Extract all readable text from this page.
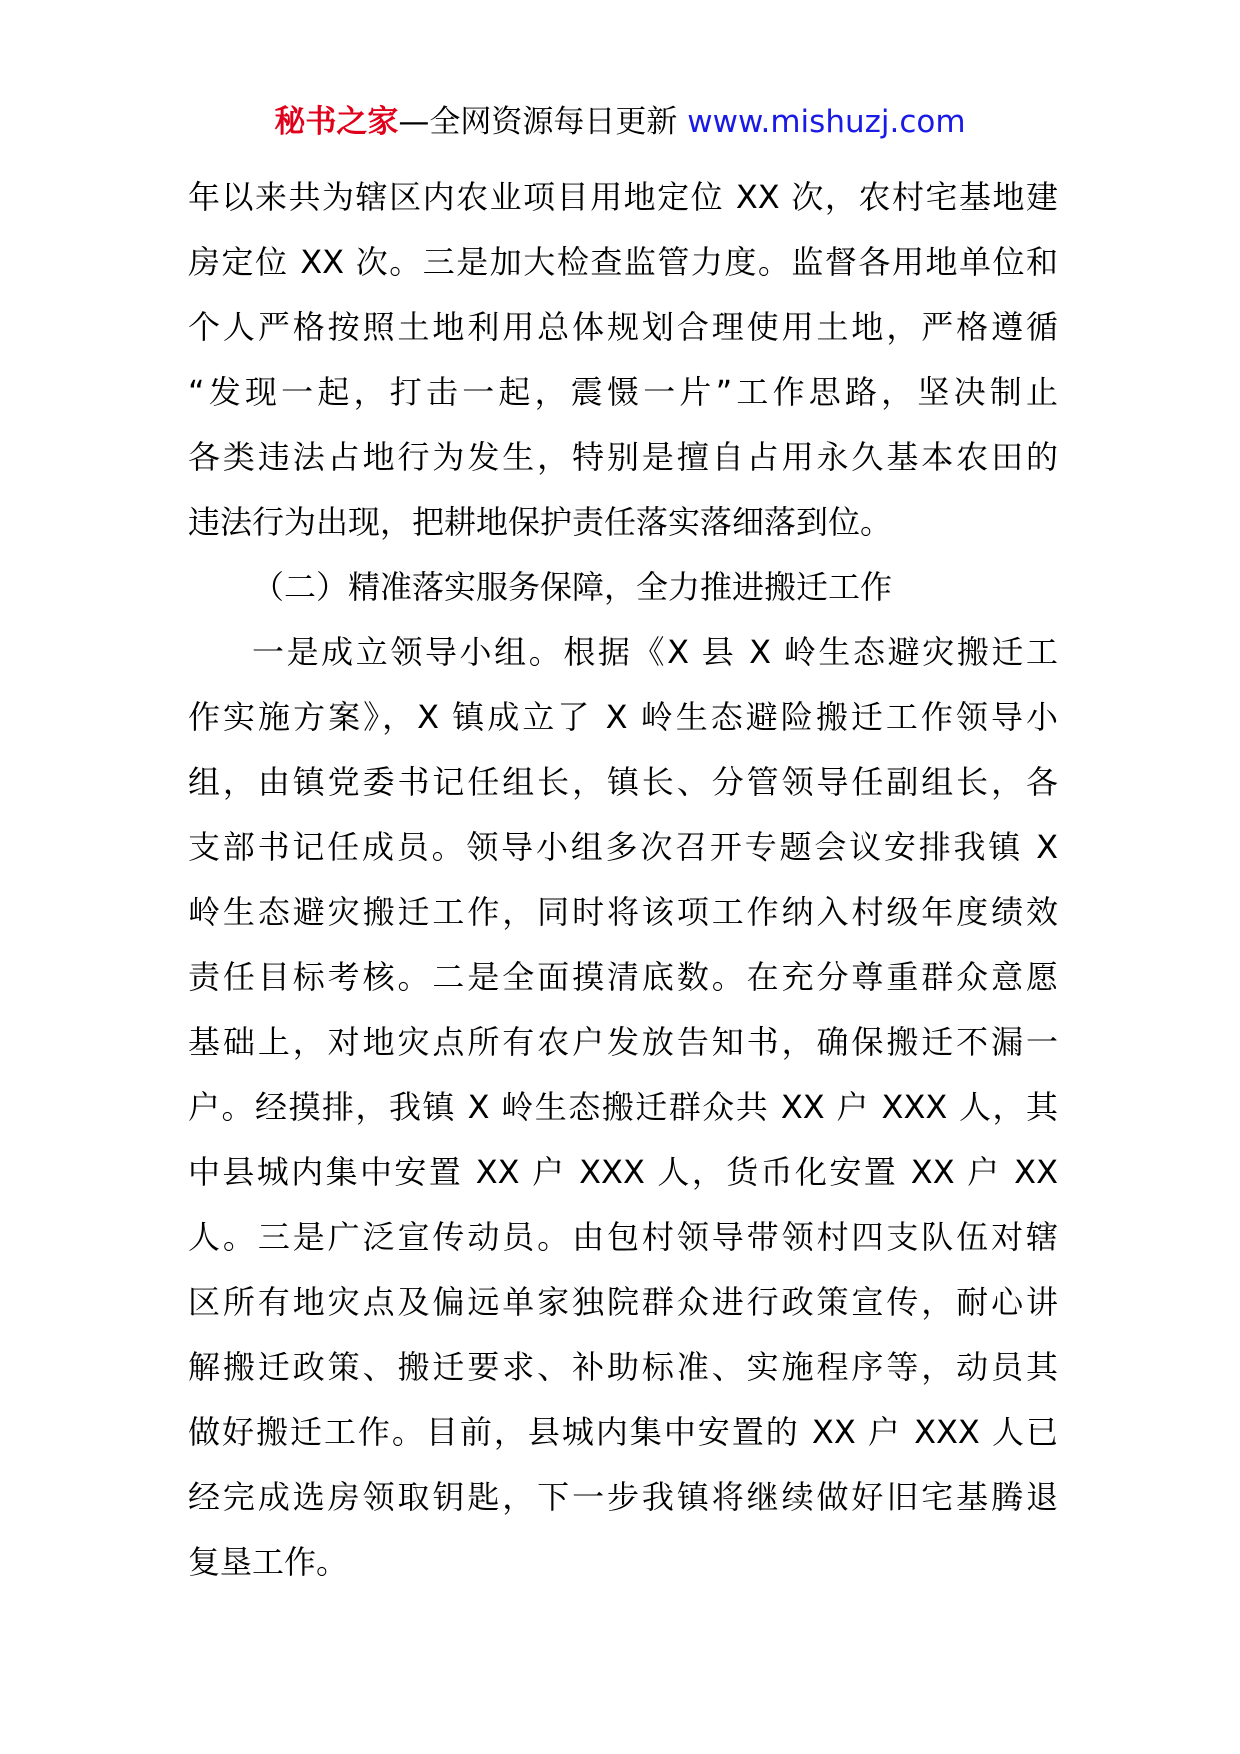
秘书之家—全网资源每日更新 www.mishuzj.com
年以来共为辖区内农业项目用地定位 XX 次，农村宅基地建
房定位 XX 次。三是加大检查监管力度。监督各用地单位和
个人严格按照土地利用总体规划合理使用土地，严格遵循
“发现一起，打击一起，震慑一片”工作思路，坚决制止
各类违法占地行为发生，特别是擅自占用永久基本农田的
违法行为出现，把耕地保护责任落实落细落到位。
（二）精准落实服务保障，全力推进搬迁工作
一是成立领导小组。根据《X 县 X 岭生态避灾搬迁工
作实施方案》，X 镇成立了 X 岭生态避险搬迁工作领导小
组，由镇党委书记任组长，镇长、分管领导任副组长，各
支部书记任成员。领导小组多次召开专题会议安排我镇 X
岭生态避灾搬迁工作，同时将该项工作纳入村级年度绩效
责任目标考核。二是全面摸清底数。在充分尊重群众意愿
基础上，对地灾点所有农户发放告知书，确保搬迁不漏一
户。经摸排，我镇 X 岭生态搬迁群众共 XX 户 XXX 人，其
中县城内集中安置 XX 户 XXX 人，货币化安置 XX 户 XX
人。三是广泛宣传动员。由包村领导带领村四支队伍对辖
区所有地灾点及偏远单家独院群众进行政策宣传，耐心讲
解搬迁政策、搬迁要求、补助标准、实施程序等，动员其
做好搬迁工作。目前，县城内集中安置的 XX 户 XXX 人已
经完成选房领取钥匙，下一步我镇将继续做好旧宅基腾退
复垦工作。
